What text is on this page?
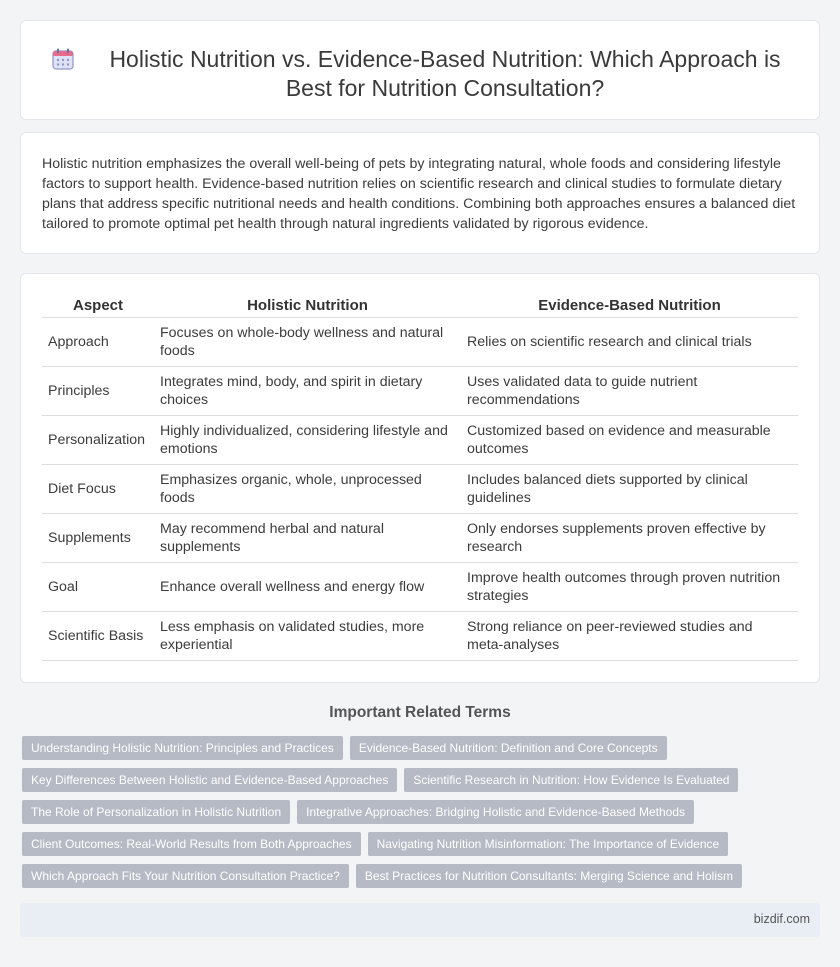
Holistic Nutrition vs. Evidence-Based Nutrition: Which Approach is Best for Nutrition Consultation?

Holistic nutrition emphasizes the overall well-being of pets by integrating natural, whole foods and considering lifestyle factors to support health. Evidence-based nutrition relies on scientific research and clinical studies to formulate dietary plans that address specific nutritional needs and health conditions. Combining both approaches ensures a balanced diet tailored to promote optimal pet health through natural ingredients validated by rigorous evidence.

Aspect	Holistic Nutrition	Evidence-Based Nutrition
Approach	Focuses on whole-body wellness and natural foods	Relies on scientific research and clinical trials
Principles	Integrates mind, body, and spirit in dietary choices	Uses validated data to guide nutrient recommendations
Personalization	Highly individualized, considering lifestyle and emotions	Customized based on evidence and measurable outcomes
Diet Focus	Emphasizes organic, whole, unprocessed foods	Includes balanced diets supported by clinical guidelines
Supplements	May recommend herbal and natural supplements	Only endorses supplements proven effective by research
Goal	Enhance overall wellness and energy flow	Improve health outcomes through proven nutrition strategies
Scientific Basis	Less emphasis on validated studies, more experiential	Strong reliance on peer-reviewed studies and meta-analyses
Important Related Terms
Understanding Holistic Nutrition: Principles and Practices	Evidence-Based Nutrition: Definition and Core Concepts
Key Differences Between Holistic and Evidence-Based Approaches	Scientific Research in Nutrition: How Evidence Is Evaluated
The Role of Personalization in Holistic Nutrition	Integrative Approaches: Bridging Holistic and Evidence-Based Methods
Client Outcomes: Real-World Results from Both Approaches	Navigating Nutrition Misinformation: The Importance of Evidence
Which Approach Fits Your Nutrition Consultation Practice?	Best Practices for Nutrition Consultants: Merging Science and Holism
bizdif.com
